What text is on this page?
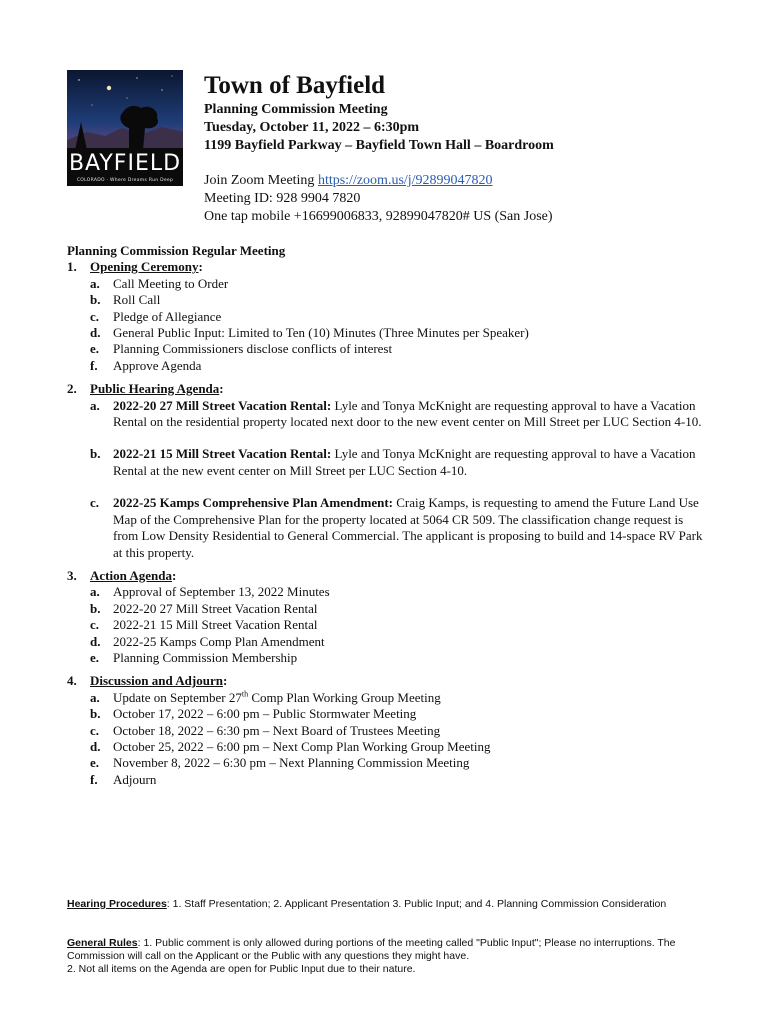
BAYFIELD
COLORADO · Where Dreams Run Deep
Town of Bayfield
Planning Commission Meeting
Tuesday, October 11, 2022 – 6:30pm
1199 Bayfield Parkway – Bayfield Town Hall – Boardroom
Join Zoom Meeting https://zoom.us/j/92899047820
Meeting ID: 928 9904 7820
One tap mobile +16699006833, 92899047820# US (San Jose)
Planning Commission Regular Meeting
1.	Opening Ceremony:
a.	Call Meeting to Order
b. Roll Call
c.	Pledge of Allegiance
d. General Public Input: Limited to Ten (10) Minutes (Three Minutes per Speaker)
e.	Planning Commissioners disclose conflicts of interest
f.	Approve Agenda
2.	Public Hearing Agenda:
a.	2022-20 27 Mill Street Vacation Rental: Lyle and Tonya McKnight are requesting approval to have a Vacation Rental on the residential property located next door to the new event center on Mill Street per LUC Section 4-10.
b. 2022-21 15 Mill Street Vacation Rental: Lyle and Tonya McKnight are requesting approval to have a Vacation Rental at the new event center on Mill Street per LUC Section 4-10.
c.	2022-25 Kamps Comprehensive Plan Amendment: Craig Kamps, is requesting to amend the Future Land Use Map of the Comprehensive Plan for the property located at 5064 CR 509. The classification change request is from Low Density Residential to General Commercial. The applicant is proposing to build and 14-space RV Park at this property.
3.	Action Agenda:
a.	Approval of September 13, 2022 Minutes
b. 2022-20 27 Mill Street Vacation Rental
c.	2022-21 15 Mill Street Vacation Rental
d. 2022-25 Kamps Comp Plan Amendment
e.	Planning Commission Membership
4.	Discussion and Adjourn:
a.	Update on September 27th Comp Plan Working Group Meeting
b. October 17, 2022 – 6:00 pm – Public Stormwater Meeting
c.	October 18, 2022 – 6:30 pm – Next Board of Trustees Meeting
d. October 25, 2022 – 6:00 pm – Next Comp Plan Working Group Meeting
e.	November 8, 2022 – 6:30 pm – Next Planning Commission Meeting
f.	Adjourn
Hearing Procedures: 1. Staff Presentation; 2. Applicant Presentation 3. Public Input; and 4. Planning Commission Consideration
General Rules: 1. Public comment is only allowed during portions of the meeting called "Public Input"; Please no interruptions. The Commission will call on the Applicant or the Public with any questions they might have.
2. Not all items on the Agenda are open for Public Input due to their nature.
